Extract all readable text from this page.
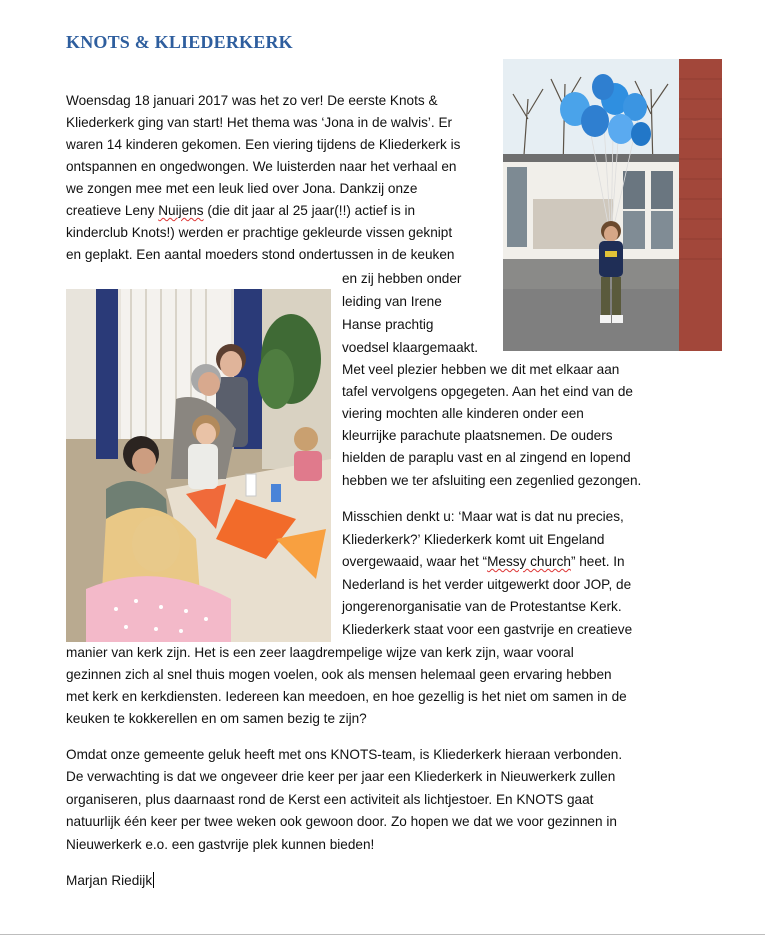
KNOTS & KLIEDERKERK
Woensdag 18 januari 2017 was het zo ver! De eerste Knots &
Kliederkerk ging van start! Het thema was ‘Jona in de walvis’. Er
waren 14 kinderen gekomen. Een viering tijdens de Kliederkerk is
ontspannen en ongedwongen. We luisterden naar het verhaal en
we zongen mee met een leuk lied over Jona. Dankzij onze
creatieve Leny Nuijens (die dit jaar al 25 jaar(!!) actief is in
kinderclub Knots!) werden er prachtige gekleurde vissen geknipt
en geplakt. Een aantal moeders stond ondertussen in de keuken
en zij hebben onder
leiding van Irene
Hanse prachtig
voedsel klaargemaakt.
Met veel plezier hebben we dit met elkaar aan
tafel vervolgens opgegeten. Aan het eind van de
viering mochten alle kinderen onder een
kleurrijke parachute plaatsnemen. De ouders
hielden de paraplu vast en al zingend en lopend
hebben we ter afsluiting een zegenlied gezongen.
Misschien denkt u: ‘Maar wat is dat nu precies,
Kliederkerk?’ Kliederkerk komt uit Engeland
overgewaaid, waar het “Messy church” heet. In
Nederland is het verder uitgewerkt door JOP, de
jongerenorganisatie van de Protestantse Kerk.
Kliederkerk staat voor een gastvrije en creatieve
manier van kerk zijn. Het is een zeer laagdrempelige wijze van kerk zijn, waar vooral
gezinnen zich al snel thuis mogen voelen, ook als mensen helemaal geen ervaring hebben
met kerk en kerkdiensten. Iedereen kan meedoen, en hoe gezellig is het niet om samen in de
keuken te kokkerellen en om samen bezig te zijn?
Omdat onze gemeente geluk heeft met ons KNOTS-team, is Kliederkerk hieraan verbonden.
De verwachting is dat we ongeveer drie keer per jaar een Kliederkerk in Nieuwerkerk zullen
organiseren, plus daarnaast rond de Kerst een activiteit als lichtjestoer. En KNOTS gaat
natuurlijk één keer per twee weken ook gewoon door. Zo hopen we dat we voor gezinnen in
Nieuwerkerk e.o. een gastvrije plek kunnen bieden!
Marjan Riedijk
